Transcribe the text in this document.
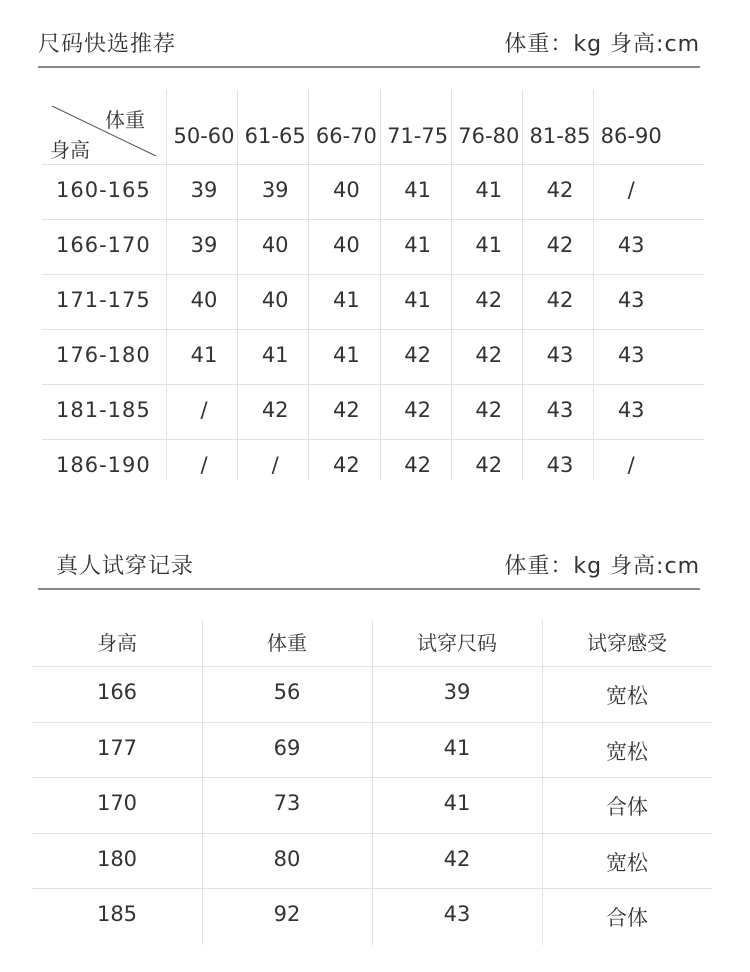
尺码快选推荐	体重：kg 身高:cm
体重
身高
50-60 61-65 66-70 71-75 76-80 81-85 86-90
160-165	39	39	40	41	41	42	/
166-170	39	40	40	41	41	42	43
171-175	40	40	41	41	42	42	43
176-180	41	41	41	42	42	43	43
181-185	/	42	42	42	42	43	43
186-190	/	/	42	42	42	43	/
真人试穿记录	体重：kg 身高:cm
身高	体重	试穿尺码	试穿感受
166	56	39	宽松
177	69	41	宽松
170	73	41	合体
180	80	42	宽松
185	92	43	合体
